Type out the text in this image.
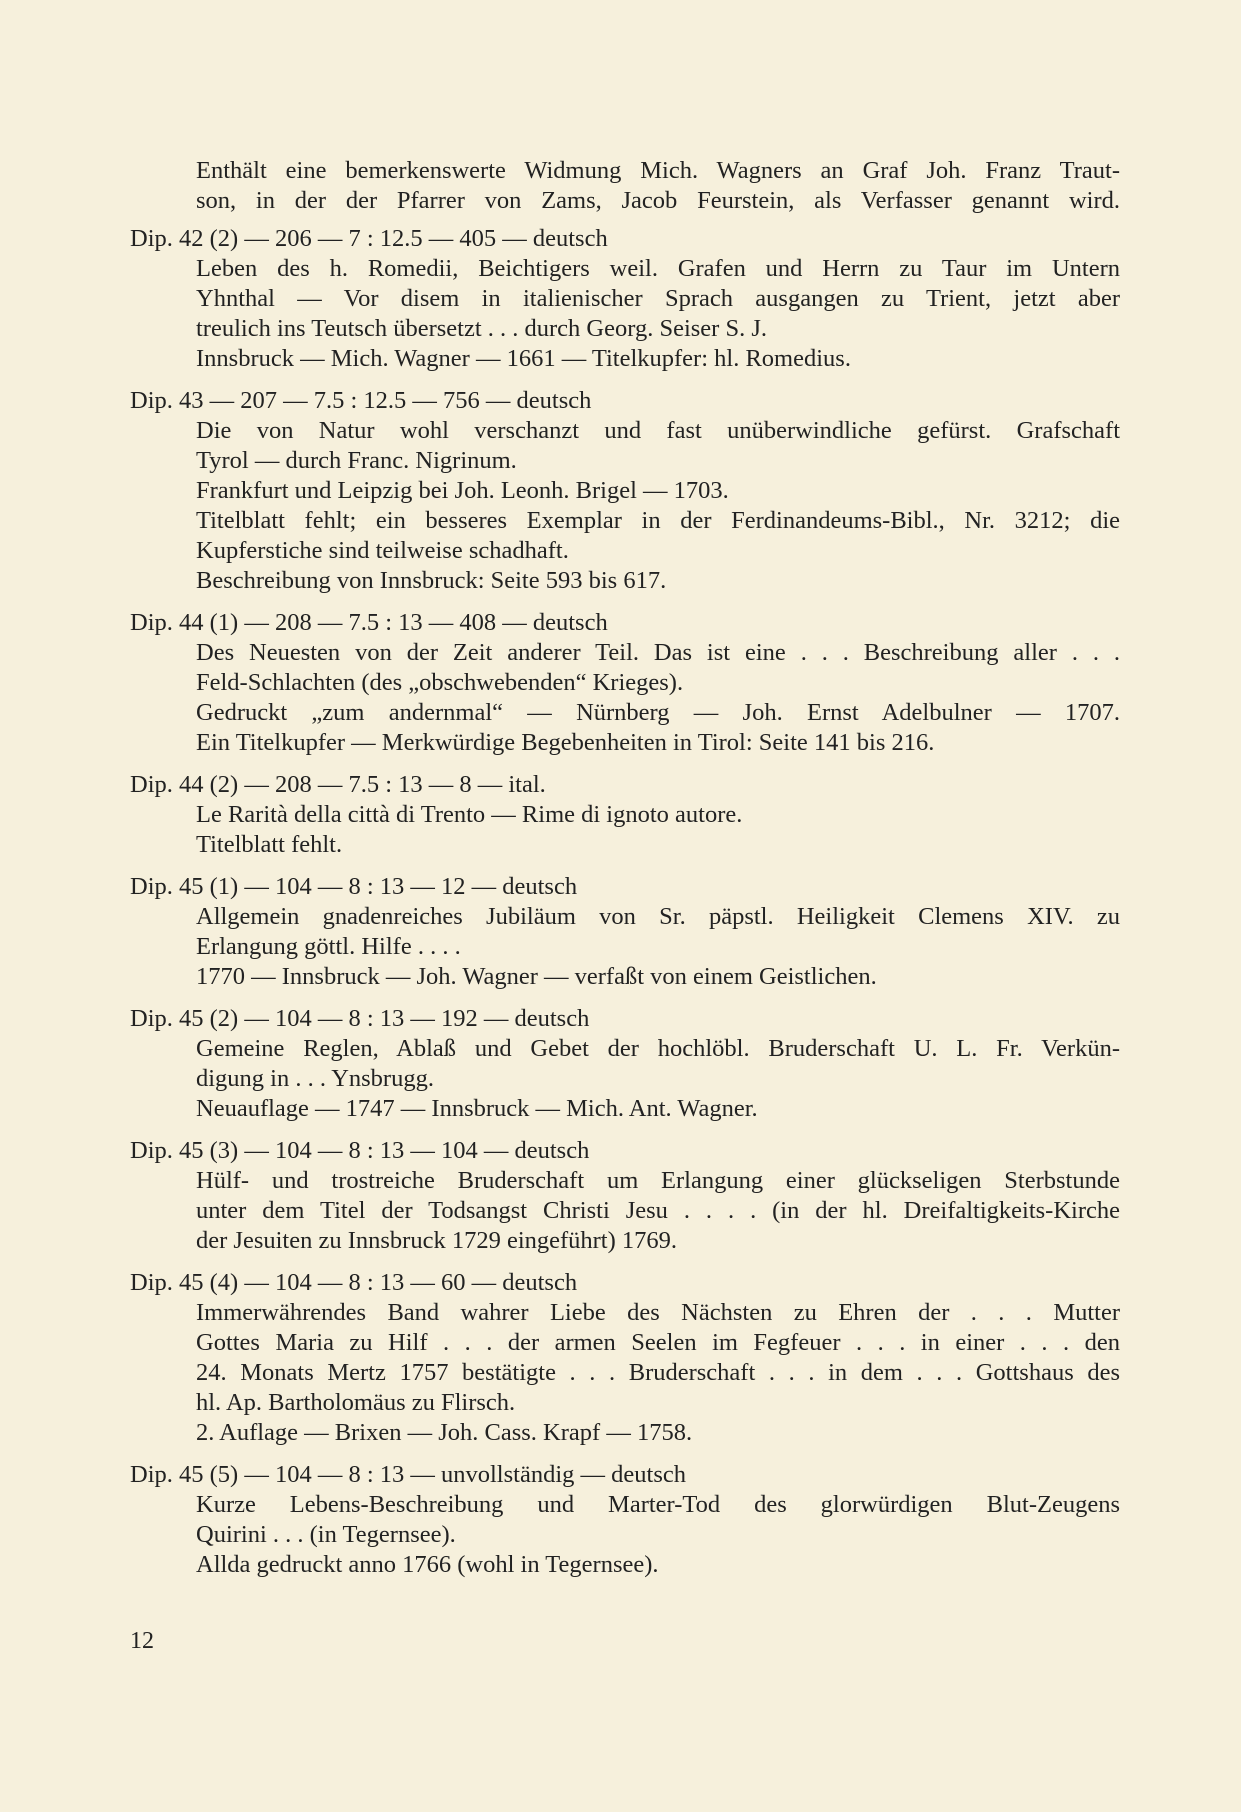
Enthält eine bemerkenswerte Widmung Mich. Wagners an Graf Joh. Franz Traut-
son, in der der Pfarrer von Zams, Jacob Feurstein, als Verfasser genannt wird.
Dip. 42 (2) — 206 — 7 : 12.5 — 405 — deutsch
Leben des h. Romedii, Beichtigers weil. Grafen und Herrn zu Taur im Untern
Yhnthal — Vor disem in italienischer Sprach ausgangen zu Trient, jetzt aber
treulich ins Teutsch übersetzt . . . durch Georg. Seiser S. J.
Innsbruck — Mich. Wagner — 1661 — Titelkupfer: hl. Romedius.
Dip. 43 — 207 — 7.5 : 12.5 — 756 — deutsch
Die von Natur wohl verschanzt und fast unüberwindliche gefürst. Grafschaft
Tyrol — durch Franc. Nigrinum.
Frankfurt und Leipzig bei Joh. Leonh. Brigel — 1703.
Titelblatt fehlt; ein besseres Exemplar in der Ferdinandeums-Bibl., Nr. 3212; die
Kupferstiche sind teilweise schadhaft.
Beschreibung von Innsbruck: Seite 593 bis 617.
Dip. 44 (1) — 208 — 7.5 : 13 — 408 — deutsch
Des Neuesten von der Zeit anderer Teil. Das ist eine . . . Beschreibung aller . . .
Feld-Schlachten (des „obschwebenden“ Krieges).
Gedruckt „zum andernmal“ — Nürnberg — Joh. Ernst Adelbulner — 1707.
Ein Titelkupfer — Merkwürdige Begebenheiten in Tirol: Seite 141 bis 216.
Dip. 44 (2) — 208 — 7.5 : 13 — 8 — ital.
Le Rarità della città di Trento — Rime di ignoto autore.
Titelblatt fehlt.
Dip. 45 (1) — 104 — 8 : 13 — 12 — deutsch
Allgemein gnadenreiches Jubiläum von Sr. päpstl. Heiligkeit Clemens XIV. zu
Erlangung göttl. Hilfe . . . .
1770 — Innsbruck — Joh. Wagner — verfaßt von einem Geistlichen.
Dip. 45 (2) — 104 — 8 : 13 — 192 — deutsch
Gemeine Reglen, Ablaß und Gebet der hochlöbl. Bruderschaft U. L. Fr. Verkün-
digung in . . . Ynsbrugg.
Neuauflage — 1747 — Innsbruck — Mich. Ant. Wagner.
Dip. 45 (3) — 104 — 8 : 13 — 104 — deutsch
Hülf- und trostreiche Bruderschaft um Erlangung einer glückseligen Sterbstunde
unter dem Titel der Todsangst Christi Jesu . . . . (in der hl. Dreifaltigkeits-Kirche
der Jesuiten zu Innsbruck 1729 eingeführt) 1769.
Dip. 45 (4) — 104 — 8 : 13 — 60 — deutsch
Immerwährendes Band wahrer Liebe des Nächsten zu Ehren der . . . Mutter
Gottes Maria zu Hilf . . . der armen Seelen im Fegfeuer . . . in einer . . . den
24. Monats Mertz 1757 bestätigte . . . Bruderschaft . . . in dem . . . Gottshaus des
hl. Ap. Bartholomäus zu Flirsch.
2. Auflage — Brixen — Joh. Cass. Krapf — 1758.
Dip. 45 (5) — 104 — 8 : 13 — unvollständig — deutsch
Kurze Lebens-Beschreibung und Marter-Tod des glorwürdigen Blut-Zeugens
Quirini . . . (in Tegernsee).
Allda gedruckt anno 1766 (wohl in Tegernsee).
12
